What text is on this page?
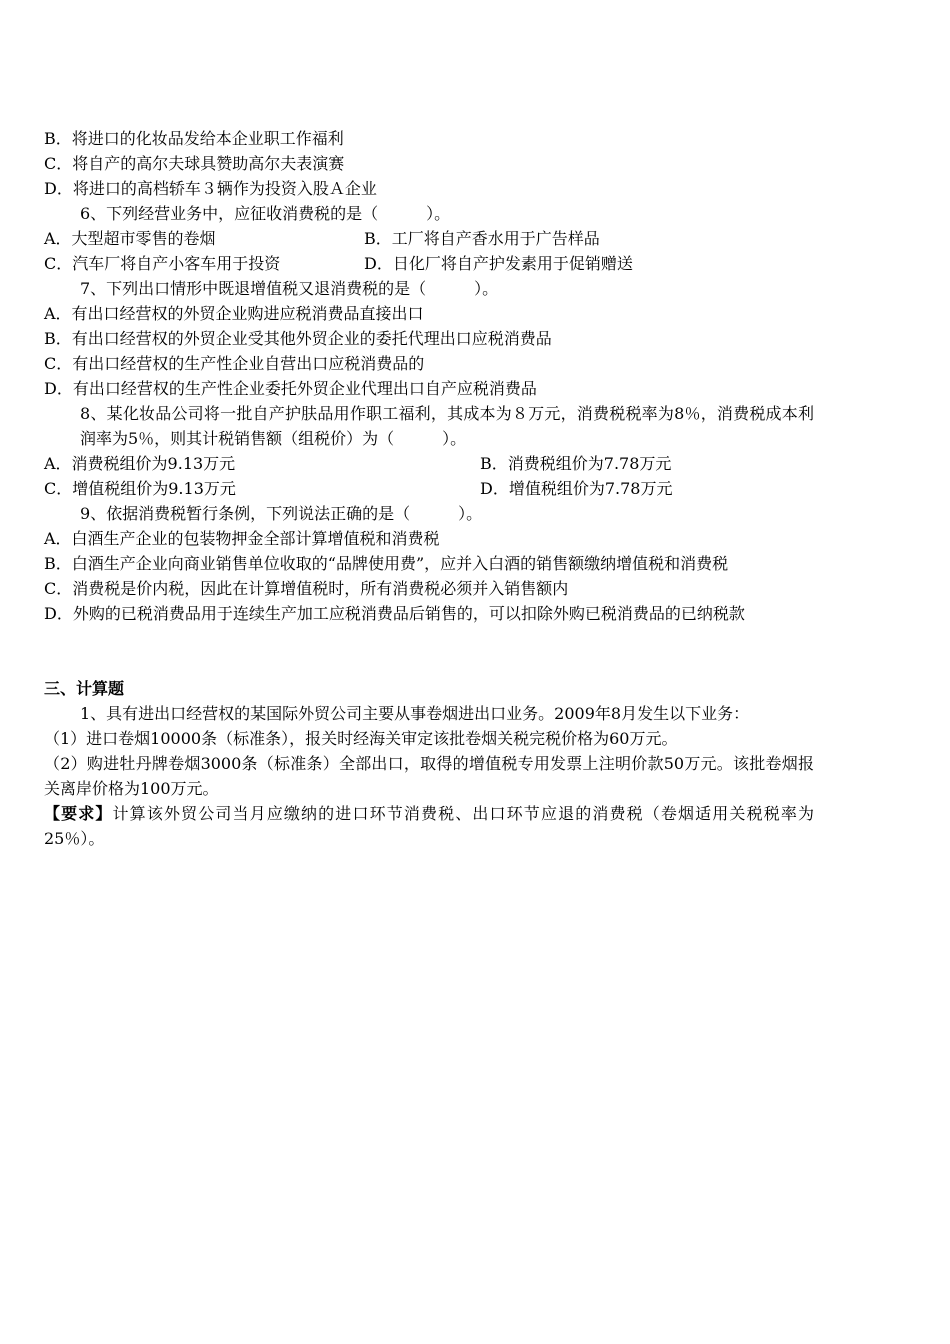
B．将进口的化妆品发给本企业职工作福利
C．将自产的高尔夫球具赞助高尔夫表演赛
D．将进口的高档轿车３辆作为投资入股Ａ企业
6、下列经营业务中，应征收消费税的是（　　　）。
A．大型超市零售的卷烟	B．工厂将自产香水用于广告样品
C．汽车厂将自产小客车用于投资	D．日化厂将自产护发素用于促销赠送
7、下列出口情形中既退增值税又退消费税的是（　　　）。
A．有出口经营权的外贸企业购进应税消费品直接出口
B．有出口经营权的外贸企业受其他外贸企业的委托代理出口应税消费品
C．有出口经营权的生产性企业自营出口应税消费品的
D．有出口经营权的生产性企业委托外贸企业代理出口自产应税消费品
8、某化妆品公司将一批自产护肤品用作职工福利，其成本为８万元，消费税税率为8％，消费税成本利润率为5％，则其计税销售额（组税价）为（　　　）。
A．消费税组价为9.13万元	B．消费税组价为7.78万元
C．增值税组价为9.13万元	D．增值税组价为7.78万元
9、依据消费税暂行条例，下列说法正确的是（　　　）。
A．白酒生产企业的包装物押金全部计算增值税和消费税
B．白酒生产企业向商业销售单位收取的“品牌使用费”，应并入白酒的销售额缴纳增值税和消费税
C．消费税是价内税，因此在计算增值税时，所有消费税必须并入销售额内
D．外购的已税消费品用于连续生产加工应税消费品后销售的，可以扣除外购已税消费品的已纳税款
三、计算题
1、具有进出口经营权的某国际外贸公司主要从事卷烟进出口业务。2009年8月发生以下业务：
（1）进口卷烟10000条（标准条），报关时经海关审定该批卷烟关税完税价格为60万元。
（2）购进牡丹牌卷烟3000条（标准条）全部出口，取得的增值税专用发票上注明价款50万元。该批卷烟报关离岸价格为100万元。
【要求】计算该外贸公司当月应缴纳的进口环节消费税、出口环节应退的消费税（卷烟适用关税税率为25％）。
